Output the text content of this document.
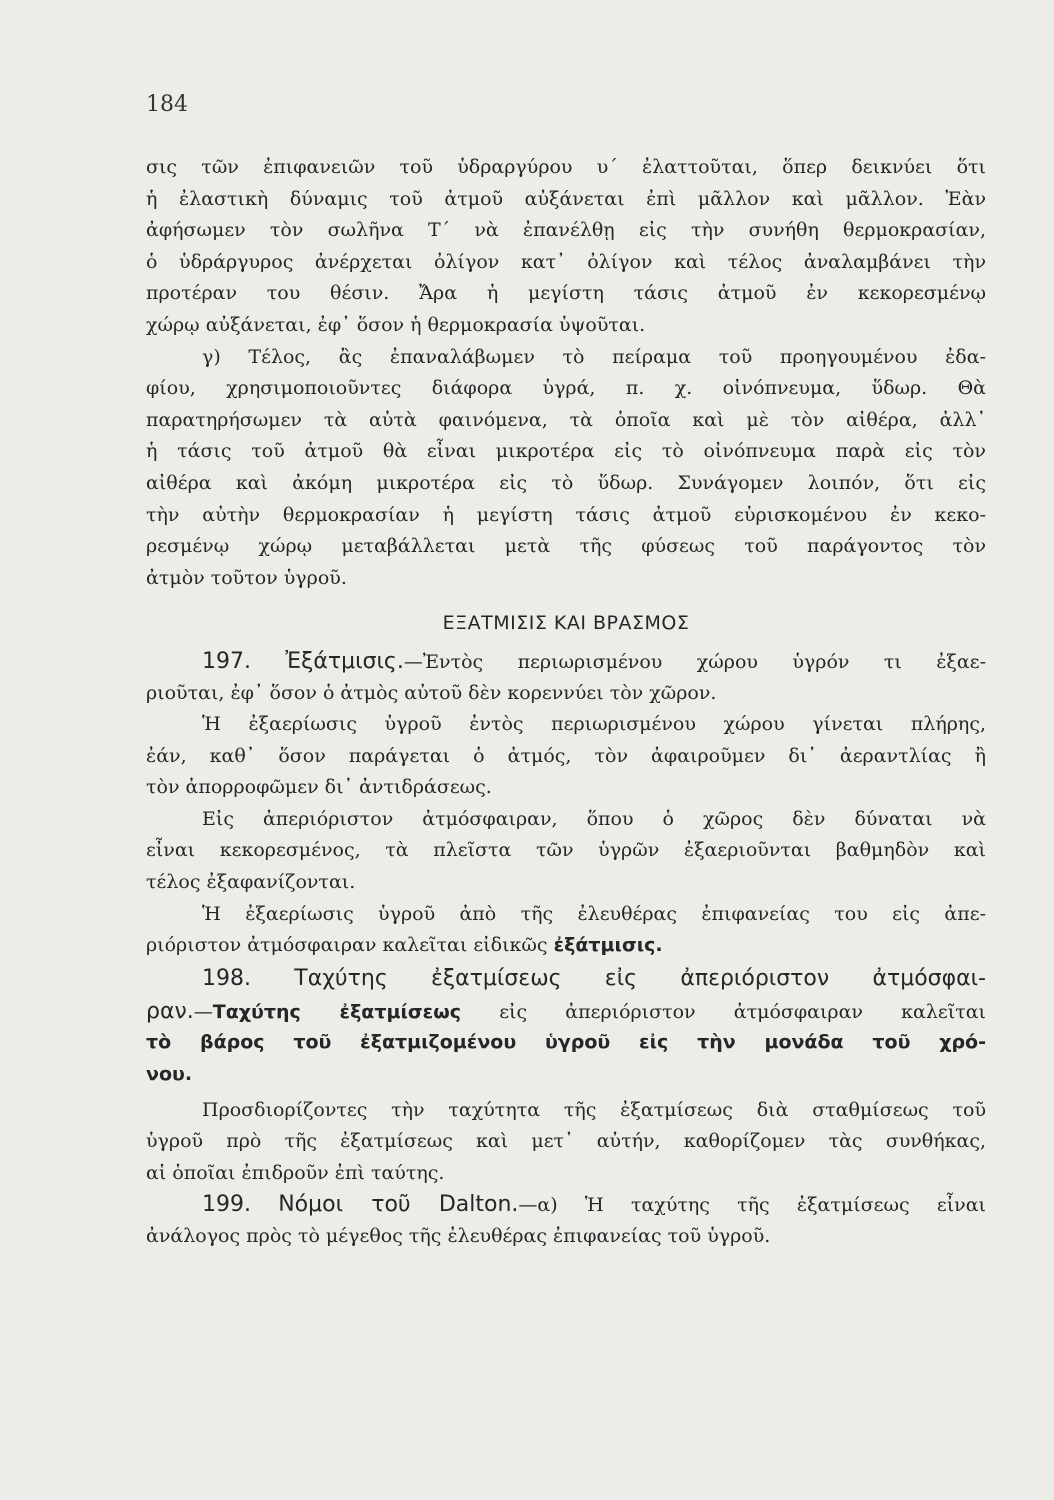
184
σις τῶν ἐπιφανειῶν τοῦ ὑδραργύρου υ΄ ἐλαττοῦται, ὅπερ δεικνύει ὅτι
ἡ ἐλαστικὴ δύναμις τοῦ ἀτμοῦ αὐξάνεται ἐπὶ μᾶλλον καὶ μᾶλλον. Ἐὰν
ἀφήσωμεν τὸν σωλῆνα Τ΄ νὰ ἐπανέλθῃ εἰς τὴν συνήθη θερμοκρασίαν,
ὁ ὑδράργυρος ἀνέρχεται ὀλίγον κατ᾿ ὀλίγον καὶ τέλος ἀναλαμβάνει τὴν
προτέραν του θέσιν. Ἄρα ἡ μεγίστη τάσις ἀτμοῦ ἐν κεκορεσμένῳ
χώρῳ αὐξάνεται, ἐφ᾿ ὅσον ἡ θερμοκρασία ὑψοῦται.
γ) Τέλος, ἂς ἐπαναλάβωμεν τὸ πείραμα τοῦ προηγουμένου ἐδα-
φίου, χρησιμοποιοῦντες διάφορα ὑγρά, π. χ. οἰνόπνευμα, ὕδωρ. Θὰ
παρατηρήσωμεν τὰ αὐτὰ φαινόμενα, τὰ ὁποῖα καὶ μὲ τὸν αἰθέρα, ἀλλ᾿
ἡ τάσις τοῦ ἀτμοῦ θὰ εἶναι μικροτέρα εἰς τὸ οἰνόπνευμα παρὰ εἰς τὸν
αἰθέρα καὶ ἀκόμη μικροτέρα εἰς τὸ ὕδωρ. Συνάγομεν λοιπόν, ὅτι εἰς
τὴν αὐτὴν θερμοκρασίαν ἡ μεγίστη τάσις ἀτμοῦ εὑρισκομένου ἐν κεκο-
ρεσμένῳ χώρῳ μεταβάλλεται μετὰ τῆς φύσεως τοῦ παράγοντος τὸν
ἀτμὸν τοῦτον ὑγροῦ.
ΕΞΑΤΜΙΣΙΣ ΚΑΙ ΒΡΑΣΜΟΣ
197. Ἐξάτμισις.—Ἐντὸς περιωρισμένου χώρου ὑγρόν τι ἐξαε-
ριοῦται, ἐφ᾿ ὅσον ὁ ἀτμὸς αὐτοῦ δὲν κορεννύει τὸν χῶρον.
Ἡ ἐξαερίωσις ὑγροῦ ἐντὸς περιωρισμένου χώρου γίνεται πλήρης,
ἐάν, καθ᾿ ὅσον παράγεται ὁ ἀτμός, τὸν ἀφαιροῦμεν δι᾿ ἀεραντλίας ἢ
τὸν ἀπορροφῶμεν δι᾿ ἀντιδράσεως.
Εἰς ἀπεριόριστον ἀτμόσφαιραν, ὅπου ὁ χῶρος δὲν δύναται νὰ
εἶναι κεκορεσμένος, τὰ πλεῖστα τῶν ὑγρῶν ἐξαεριοῦνται βαθμηδὸν καὶ
τέλος ἐξαφανίζονται.
Ἡ ἐξαερίωσις ὑγροῦ ἀπὸ τῆς ἐλευθέρας ἐπιφανείας του εἰς ἀπε-
ριόριστον ἀτμόσφαιραν καλεῖται εἰδικῶς ἐξάτμισις.
198. Ταχύτης ἐξατμίσεως εἰς ἀπεριόριστον ἀτμόσφαι-
ραν.—Ταχύτης ἐξατμίσεως εἰς ἀπεριόριστον ἀτμόσφαιραν καλεῖται
τὸ βάρος τοῦ ἐξατμιζομένου ὑγροῦ εἰς τὴν μονάδα τοῦ χρό-
νου.
Προσδιορίζοντες τὴν ταχύτητα τῆς ἐξατμίσεως διὰ σταθμίσεως τοῦ
ὑγροῦ πρὸ τῆς ἐξατμίσεως καὶ μετ᾿ αὐτήν, καθορίζομεν τὰς συνθήκας,
αἱ ὁποῖαι ἐπιδροῦν ἐπὶ ταύτης.
199. Νόμοι τοῦ Dalton.—α) Ἡ ταχύτης τῆς ἐξατμίσεως εἶναι
ἀνάλογος πρὸς τὸ μέγεθος τῆς ἐλευθέρας ἐπιφανείας τοῦ ὑγροῦ.
